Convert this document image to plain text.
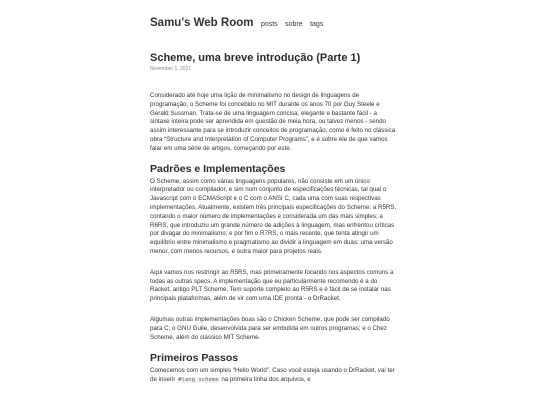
Samu's Web Room posts sobre tags
Scheme, uma breve introdução (Parte 1)
November 1, 2021

Considerado até hoje uma lição de minimalismo no design de linguagens de programação, o Scheme foi concebido no MIT durante os anos 70 por Guy Steele e Gerald Sussman. Trata-se de uma linguagem concisa, elegante e bastante fácil - a sintaxe inteira pode ser aprendida em questão de meia hora, ou talvez menos - sendo assim interessante para se introduzir conceitos de programação, como é feito no clássica obra “Structure and Interpretation of Computer Programs”, e é sobre ele de que vamos falar em uma série de artigos, começando por este.

Padrões e Implementações

O Scheme, assim como várias linguagens populares, não consiste em um único interpretador ou compilador, e sim num conjunto de especificações técnicas, tal qual o Javascript com o ECMAScript e o C com o ANSI C, cada uma com suas respectivas implementações. Atualmente, existem três principais especificações do Scheme: a R5RS, contando o maior número de implementações e considerada um das mais simples; a R6RS, que introduziu um grande número de adições à linguagem, mas enfrentou críticas por divagar do minimalismo; e por fim o R7RS, o mais recente, que tenta atingir um equilíbrio entre minimalismo e pragmatismo ao dividir a linguagem em duas: uma versão menor, com menos recursos, e outra maior para projetos reais.

Aqui vamos nos restringir ao R5RS, mas primeiramente focando nos aspectos comuns a todas as outras specs. A implementação que eu particularmente recomendo é a do Racket, antigo PLT Scheme. Tem suporte completo ao R5RS e é fácil de se instalar nas principais plataformas, além de vir com uma IDE pronta - o DrRacket.

Algumas outras implementações boas são o Chicken Scheme, que pode ser compilado para C; o GNU Guile, desenvolvida para ser embutida em outros programas; e o Chez Scheme, além do clássico MIT Scheme.

Primeiros Passos

Comecemos com um simples “Hello World”. Caso você esteja usando o DrRacket, vai ter de inserir #lang scheme na primeira linha dos arquivos, e
